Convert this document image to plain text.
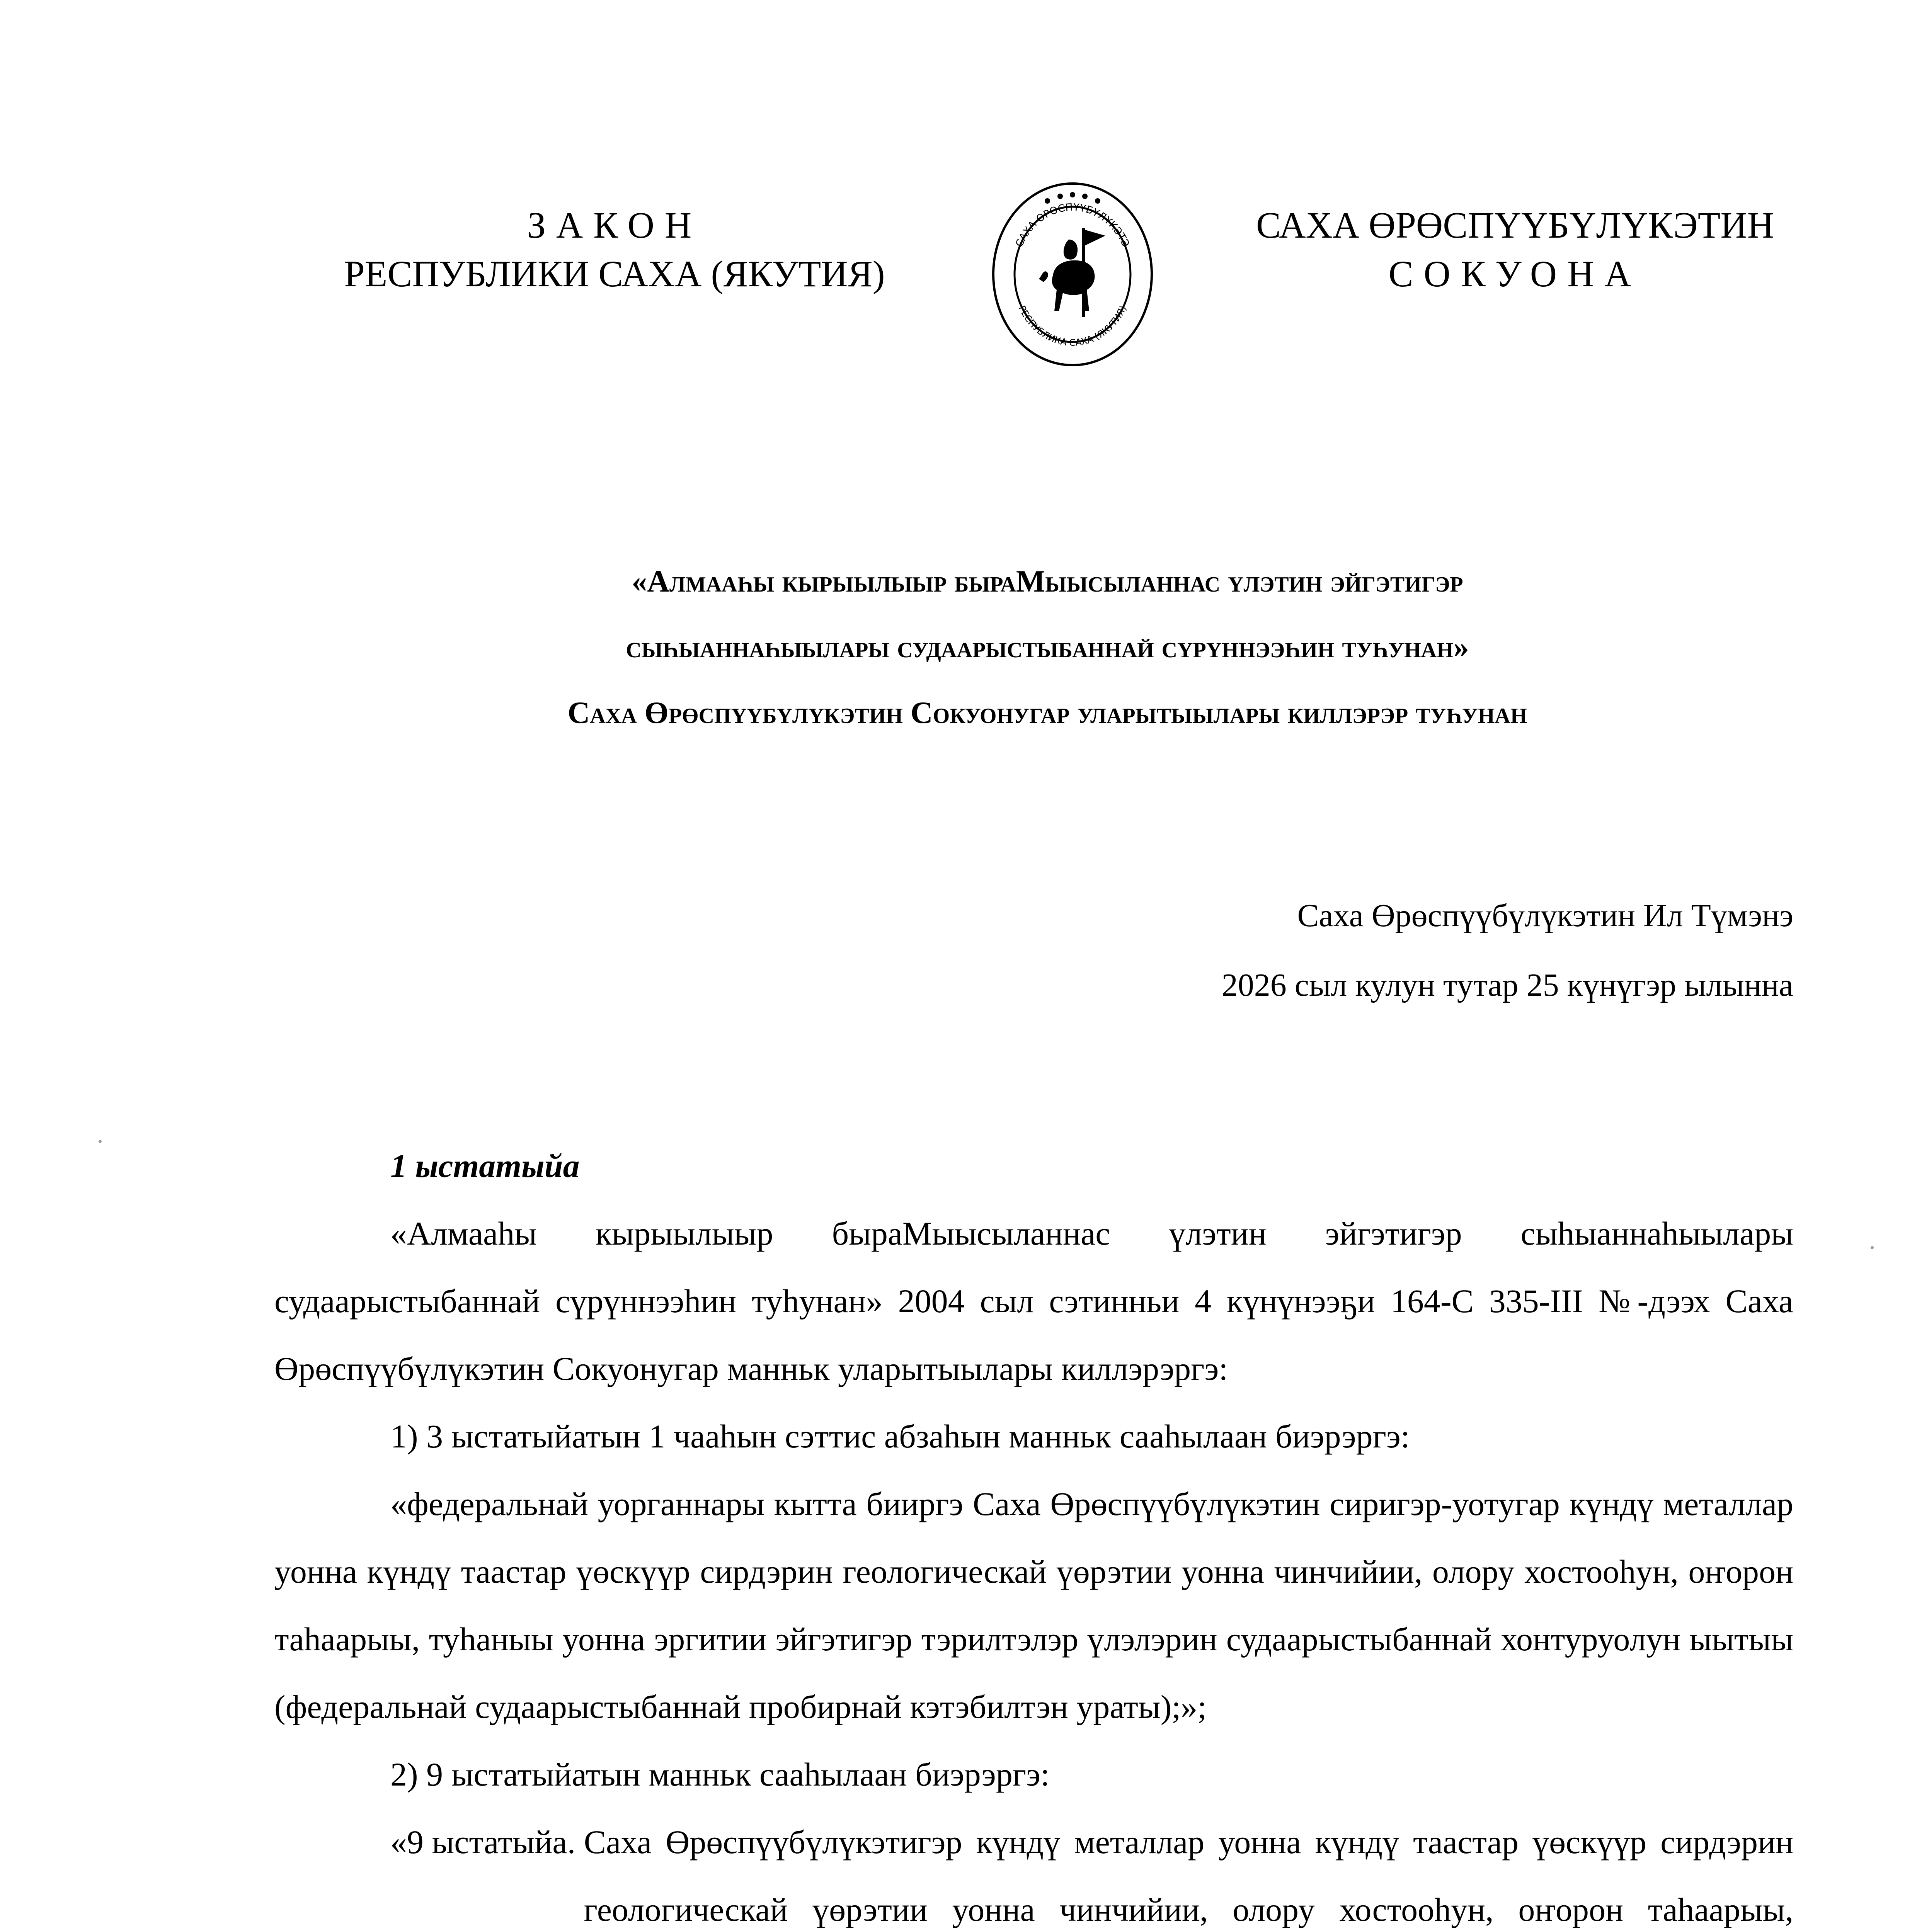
ЗАКОН
РЕСПУБЛИКИ САХА (ЯКУТИЯ)
САХА ӨРӨСПҮҮБҮЛҮКЭТЭ
РЕСПУБЛИКА САХА (ЯКУТИЯ)
САХА ӨРӨСПҮҮБҮЛҮКЭТИН
СОКУОНА
«Алмааһы кырыылыыр быраМыысыланнас үлэтин эйгэтигэр
сыһыаннаһыылары судаарыстыбаннай сүрүннээһин туһунан»
Саха Өрөспүүбүлүкэтин Сокуонугар уларытыылары киллэрэр туһунан
Саха Өрөспүүбүлүкэтин Ил Түмэнэ
2026 сыл кулун тутар 25 күнүгэр ылынна

1 ыстатыйа

«Алмааһы кырыылыыр быраМыысыланнас үлэтин эйгэтигэр сыһыаннаһыылары судаарыстыбаннай сүрүннээһин туһунан» 2004 сыл сэтинньи 4 күнүнээҕи 164-С 335-III №-дээх Саха Өрөспүүбүлүкэтин Сокуонугар манньк уларытыылары киллэрэргэ:

1) 3 ыстатыйатын 1 чааһын сэттис абзаһын манньк сааһылаан биэрэргэ:

«федеральнай уорганнары кытта бииргэ Саха Өрөспүүбүлүкэтин сиригэр-уотугар күндү металлар уонна күндү таастар үөскүүр сирдэрин геологическай үөрэтии уонна чинчийии, олору хостооһун, оҥорон таһаарыы, туһаныы уонна эргитии эйгэтигэр тэрилтэлэр үлэлэрин судаарыстыбаннай хонтуруолун ыытыы (федеральнай судаарыстыбаннай пробирнай кэтэбилтэн ураты);»;

2) 9 ыстатыйатын манньк сааһылаан биэрэргэ:

«9 ыстатыйа. Саха Өрөспүүбүлүкэтигэр күндү металлар уонна күндү таастар үөскүүр сирдэрин геологическай үөрэтии уонна чинчийии, олору хостооһун, оҥорон таһаарыы,
